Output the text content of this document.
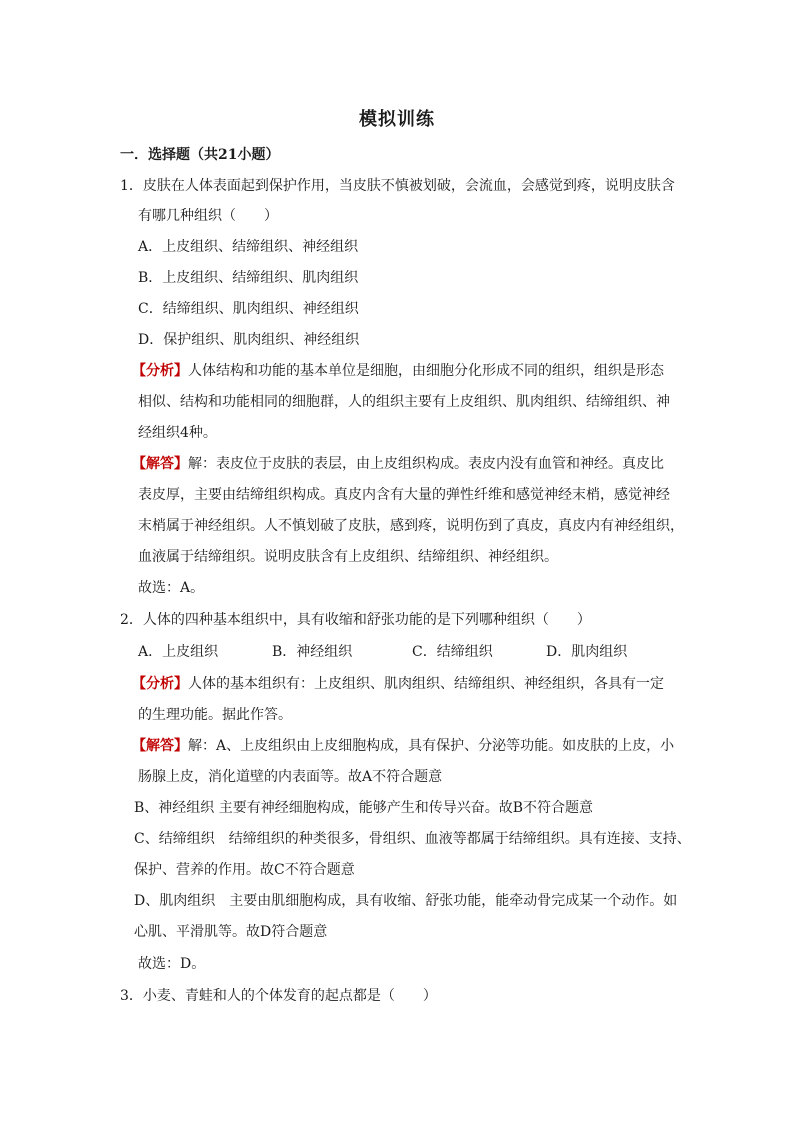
模拟训练
一．选择题（共21小题）
1．皮肤在人体表面起到保护作用，当皮肤不慎被划破，会流血，会感觉到疼，说明皮肤含
有哪几种组织（　　）
A．上皮组织、结缔组织、神经组织
B．上皮组织、结缔组织、肌肉组织
C．结缔组织、肌肉组织、神经组织
D．保护组织、肌肉组织、神经组织
【分析】人体结构和功能的基本单位是细胞，由细胞分化形成不同的组织，组织是形态
相似、结构和功能相同的细胞群，人的组织主要有上皮组织、肌肉组织、结缔组织、神
经组织4种。
【解答】解：表皮位于皮肤的表层，由上皮组织构成。表皮内没有血管和神经。真皮比
表皮厚，主要由结缔组织构成。真皮内含有大量的弹性纤维和感觉神经末梢，感觉神经
末梢属于神经组织。人不慎划破了皮肤，感到疼，说明伤到了真皮，真皮内有神经组织，
血液属于结缔组织。说明皮肤含有上皮组织、结缔组织、神经组织。
故选：A。
2．人体的四种基本组织中，具有收缩和舒张功能的是下列哪种组织（　　）
A．上皮组织	B．神经组织	C．结缔组织	D．肌肉组织
【分析】人体的基本组织有：上皮组织、肌肉组织、结缔组织、神经组织，各具有一定
的生理功能。据此作答。
【解答】解：A、上皮组织由上皮细胞构成，具有保护、分泌等功能。如皮肤的上皮，小
肠腺上皮，消化道壁的内表面等。故A不符合题意
B、神经组织 主要有神经细胞构成，能够产生和传导兴奋。故B不符合题意
C、结缔组织　结缔组织的种类很多，骨组织、血液等都属于结缔组织。具有连接、支持、
保护、营养的作用。故C不符合题意
D、肌肉组织　主要由肌细胞构成，具有收缩、舒张功能，能牵动骨完成某一个动作。如
心肌、平滑肌等。故D符合题意
故选：D。
3．小麦、青蛙和人的个体发育的起点都是（　　）
